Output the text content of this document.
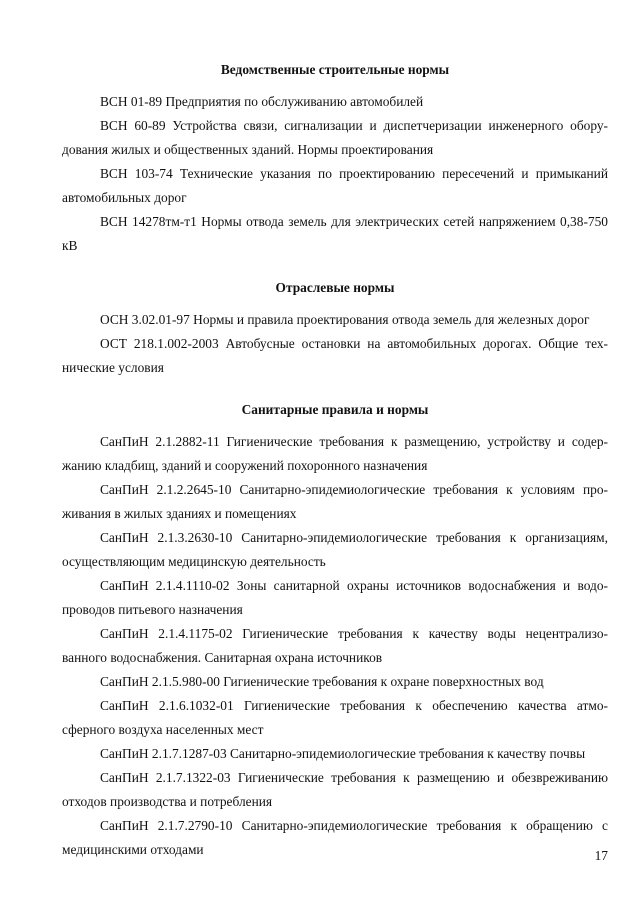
Ведомственные строительные нормы

ВСН 01-89 Предприятия по обслуживанию автомобилей

ВСН 60-89 Устройства связи, сигнализации и диспетчеризации инженерного обору-дования жилых и общественных зданий. Нормы проектирования

ВСН 103-74 Технические указания по проектированию пересечений и примыканий автомобильных дорог

ВСН 14278тм-т1 Нормы отвода земель для электрических сетей напряжением 0,38-750 кВ

Отраслевые нормы

ОСН 3.02.01-97 Нормы и правила проектирования отвода земель для железных дорог

ОСТ 218.1.002-2003 Автобусные остановки на автомобильных дорогах. Общие тех-нические условия

Санитарные правила и нормы

СанПиН 2.1.2882-11 Гигиенические требования к размещению, устройству и содер-жанию кладбищ, зданий и сооружений похоронного назначения

СанПиН 2.1.2.2645-10 Санитарно-эпидемиологические требования к условиям про-живания в жилых зданиях и помещениях

СанПиН 2.1.3.2630-10 Санитарно-эпидемиологические требования к организациям, осуществляющим медицинскую деятельность

СанПиН 2.1.4.1110-02 Зоны санитарной охраны источников водоснабжения и водо-проводов питьевого назначения

СанПиН 2.1.4.1175-02 Гигиенические требования к качеству воды нецентрализо-ванного водоснабжения. Санитарная охрана источников

СанПиН 2.1.5.980-00 Гигиенические требования к охране поверхностных вод

СанПиН 2.1.6.1032-01 Гигиенические требования к обеспечению качества атмо-сферного воздуха населенных мест

СанПиН 2.1.7.1287-03 Санитарно-эпидемиологические требования к качеству почвы

СанПиН 2.1.7.1322-03 Гигиенические требования к размещению и обезвреживанию отходов производства и потребления

СанПиН 2.1.7.2790-10 Санитарно-эпидемиологические требования к обращению с медицинскими отходами	17
